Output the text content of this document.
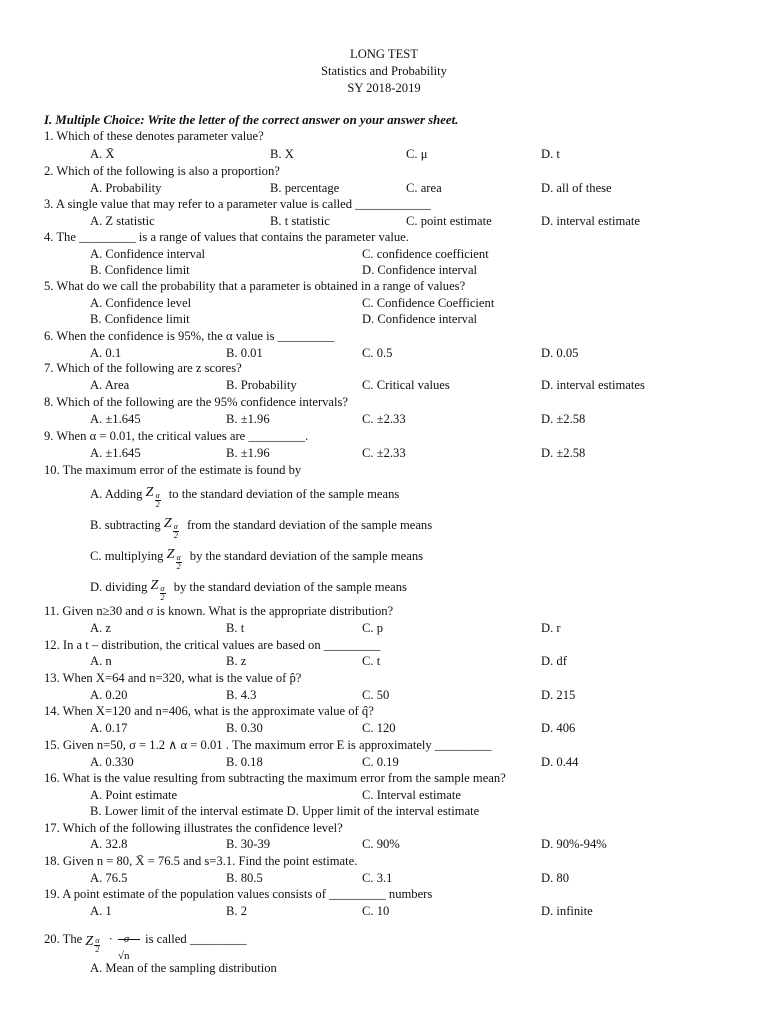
LONG TEST
Statistics and Probability
SY 2018-2019
I. Multiple Choice: Write the letter of the correct answer on your answer sheet.
1. Which of these denotes parameter value?
A. X̄	B. X	C. μ	D. t
2. Which of the following is also a proportion?
A. Probability	B. percentage	C. area	D. all of these
3. A single value that may refer to a parameter value is called ____________
A. Z statistic	B. t statistic	C. point estimate	D. interval estimate
4. The _________ is a range of values that contains the parameter value.
A. Confidence interval	C. confidence coefficient
B. Confidence limit	D. Confidence interval
5. What do we call the probability that a parameter is obtained in a range of values?
A. Confidence level	C. Confidence Coefficient
B. Confidence limit	D. Confidence interval
6. When the confidence is 95%, the α value is _________
A. 0.1	B. 0.01	C. 0.5	D. 0.05
7. Which of the following are z scores?
A. Area	B. Probability	C. Critical values	D. interval estimates
8. Which of the following are the 95% confidence intervals?
A. ±1.645	B. ±1.96	C. ±2.33	D. ±2.58
9. When α = 0.01, the critical values are _________.
A. ±1.645	B. ±1.96	C. ±2.33	D. ±2.58
10. The maximum error of the estimate is found by
A. Adding Z α
2
to the standard deviation of the sample means
B. subtracting Z α
2
from the standard deviation of the sample means
C. multiplying Z α
2
by the standard deviation of the sample means
D. dividing Z α
2
by the standard deviation of the sample means
11. Given n≥30 and σ is known. What is the appropriate distribution?
A. z	B. t	C. p	D. r
12. In a t – distribution, the critical values are based on _________
A. n	B. z	C. t	D. df
13. When X=64 and n=320, what is the value of p̂?
A. 0.20	B. 4.3	C. 50	D. 215
14. When X=120 and n=406, what is the approximate value of q̂?
A. 0.17	B. 0.30	C. 120	D. 406
15. Given n=50, σ = 1.2 ∧ α = 0.01 . The maximum error E is approximately _________
A. 0.330	B. 0.18	C. 0.19	D. 0.44
16. What is the value resulting from subtracting the maximum error from the sample mean?
A. Point estimate	C. Interval estimate
B. Lower limit of the interval estimate D. Upper limit of the interval estimate
17. Which of the following illustrates the confidence level?
A. 32.8	B. 30-39	C. 90%	D. 90%-94%
18. Given n = 80, X̄ = 76.5 and s=3.1. Find the point estimate.
A. 76.5	B. 80.5	C. 3.1	D. 80
19. A point estimate of the population values consists of _________ numbers
A. 1	B. 2	C. 10	D. infinite
20. The Z α
2
· σ
√n
is called _________
A. Mean of the sampling distribution
